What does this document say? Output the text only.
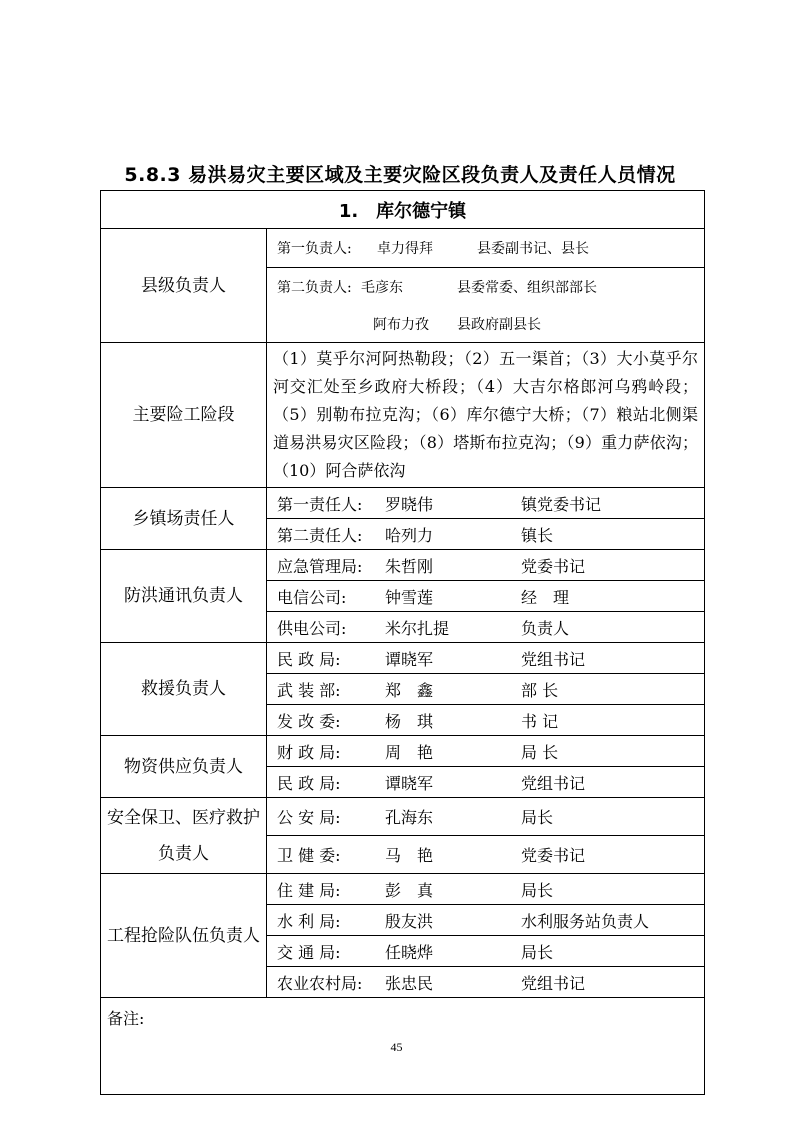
5.8.3 易洪易灾主要区域及主要灾险区段负责人及责任人员情况
1.　库尔德宁镇	
县级负责人	第一负责人: 卓力得拜 县委副书记、县长
	第二负责人: 毛彦东 县委常委、组织部部长
	阿布力孜 县政府副县长
主要险工险段	（1）莫乎尔河阿热勒段；（2）五一渠首；（3）大小莫乎尔河交汇处至乡政府大桥段；（4）大吉尔格郎河乌鸦岭段；（5）别勒布拉克沟；（6）库尔德宁大桥；（7）粮站北侧渠道易洪易灾区险段；（8）塔斯布拉克沟；（9）重力萨依沟；（10）阿合萨依沟
乡镇场责任人	第一责任人: 罗晓伟 镇党委书记
	第二责任人: 哈列力 镇长
防洪通讯负责人	应急管理局: 朱哲刚 党委书记
	电信公司: 钟雪莲 经　理
	供电公司: 米尔扎提 负责人
救援负责人	民 政 局: 谭晓军 党组书记
	武 装 部: 郑　鑫 部 长
	发 改 委: 杨　琪 书 记
物资供应负责人	财 政 局: 周　艳 局 长
	民 政 局: 谭晓军 党组书记
安全保卫、医疗救护负责人	公 安 局: 孔海东 局长
	卫 健 委: 马　艳 党委书记
工程抢险队伍负责人	住 建 局: 彭　真 局长
	水 利 局: 殷友洪 水利服务站负责人
	交 通 局: 任晓烨 局长
	农业农村局: 张忠民 党组书记
备注:	
45
